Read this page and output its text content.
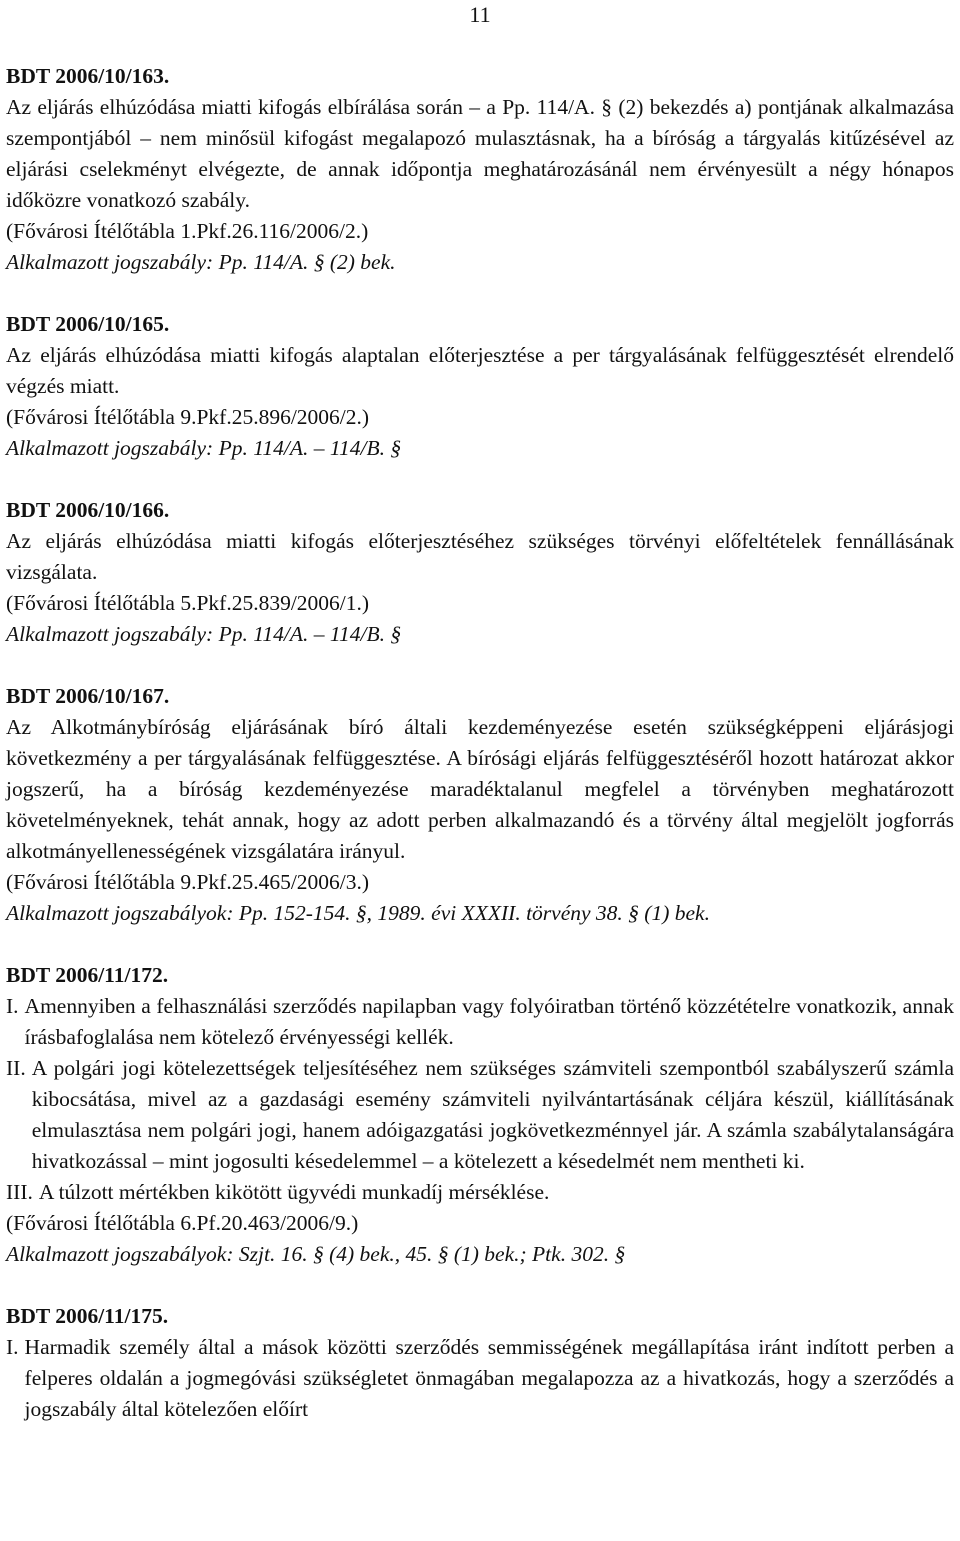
11
BDT 2006/10/163.
Az eljárás elhúzódása miatti kifogás elbírálása során – a Pp. 114/A. § (2) bekezdés a) pontjának alkalmazása szempontjából – nem minősül kifogást megalapozó mulasztásnak, ha a bíróság a tárgyalás kitűzésével az eljárási cselekményt elvégezte, de annak időpontja meghatározásánál nem érvényesült a négy hónapos időközre vonatkozó szabály.
(Fővárosi Ítélőtábla 1.Pkf.26.116/2006/2.)
Alkalmazott jogszabály: Pp. 114/A. § (2) bek.
BDT 2006/10/165.
Az eljárás elhúzódása miatti kifogás alaptalan előterjesztése a per tárgyalásának felfüggesztését elrendelő végzés miatt.
(Fővárosi Ítélőtábla 9.Pkf.25.896/2006/2.)
Alkalmazott jogszabály: Pp. 114/A. – 114/B. §
BDT 2006/10/166.
Az eljárás elhúzódása miatti kifogás előterjesztéséhez szükséges törvényi előfeltételek fennállásának vizsgálata.
(Fővárosi Ítélőtábla 5.Pkf.25.839/2006/1.)
Alkalmazott jogszabály: Pp. 114/A. – 114/B. §
BDT 2006/10/167.
Az Alkotmánybíróság eljárásának bíró általi kezdeményezése esetén szükségképpeni eljárásjogi következmény a per tárgyalásának felfüggesztése. A bírósági eljárás felfüggesztéséről hozott határozat akkor jogszerű, ha a bíróság kezdeményezése maradéktalanul megfelel a törvényben meghatározott követelményeknek, tehát annak, hogy az adott perben alkalmazandó és a törvény által megjelölt jogforrás alkotmányellenességének vizsgálatára irányul.
(Fővárosi Ítélőtábla 9.Pkf.25.465/2006/3.)
Alkalmazott jogszabályok: Pp. 152-154. §, 1989. évi XXXII. törvény 38. § (1) bek.
BDT 2006/11/172.
I. Amennyiben a felhasználási szerződés napilapban vagy folyóiratban történő közzétételre vonatkozik, annak írásbafoglalása nem kötelező érvényességi kellék.
II. A polgári jogi kötelezettségek teljesítéséhez nem szükséges számviteli szempontból szabályszerű számla kibocsátása, mivel az a gazdasági esemény számviteli nyilvántartásának céljára készül, kiállításának elmulasztása nem polgári jogi, hanem adóigazgatási jogkövetkezménnyel jár. A számla szabálytalanságára hivatkozással – mint jogosulti késedelemmel – a kötelezett a késedelmét nem mentheti ki.
III. A túlzott mértékben kikötött ügyvédi munkadíj mérséklése.
(Fővárosi Ítélőtábla 6.Pf.20.463/2006/9.)
Alkalmazott jogszabályok: Szjt. 16. § (4) bek., 45. § (1) bek.; Ptk. 302. §
BDT 2006/11/175.
I. Harmadik személy által a mások közötti szerződés semmisségének megállapítása iránt indított perben a felperes oldalán a jogmegóvási szükségletet önmagában megalapozza az a hivatkozás, hogy a szerződés a jogszabály által kötelezően előírt
